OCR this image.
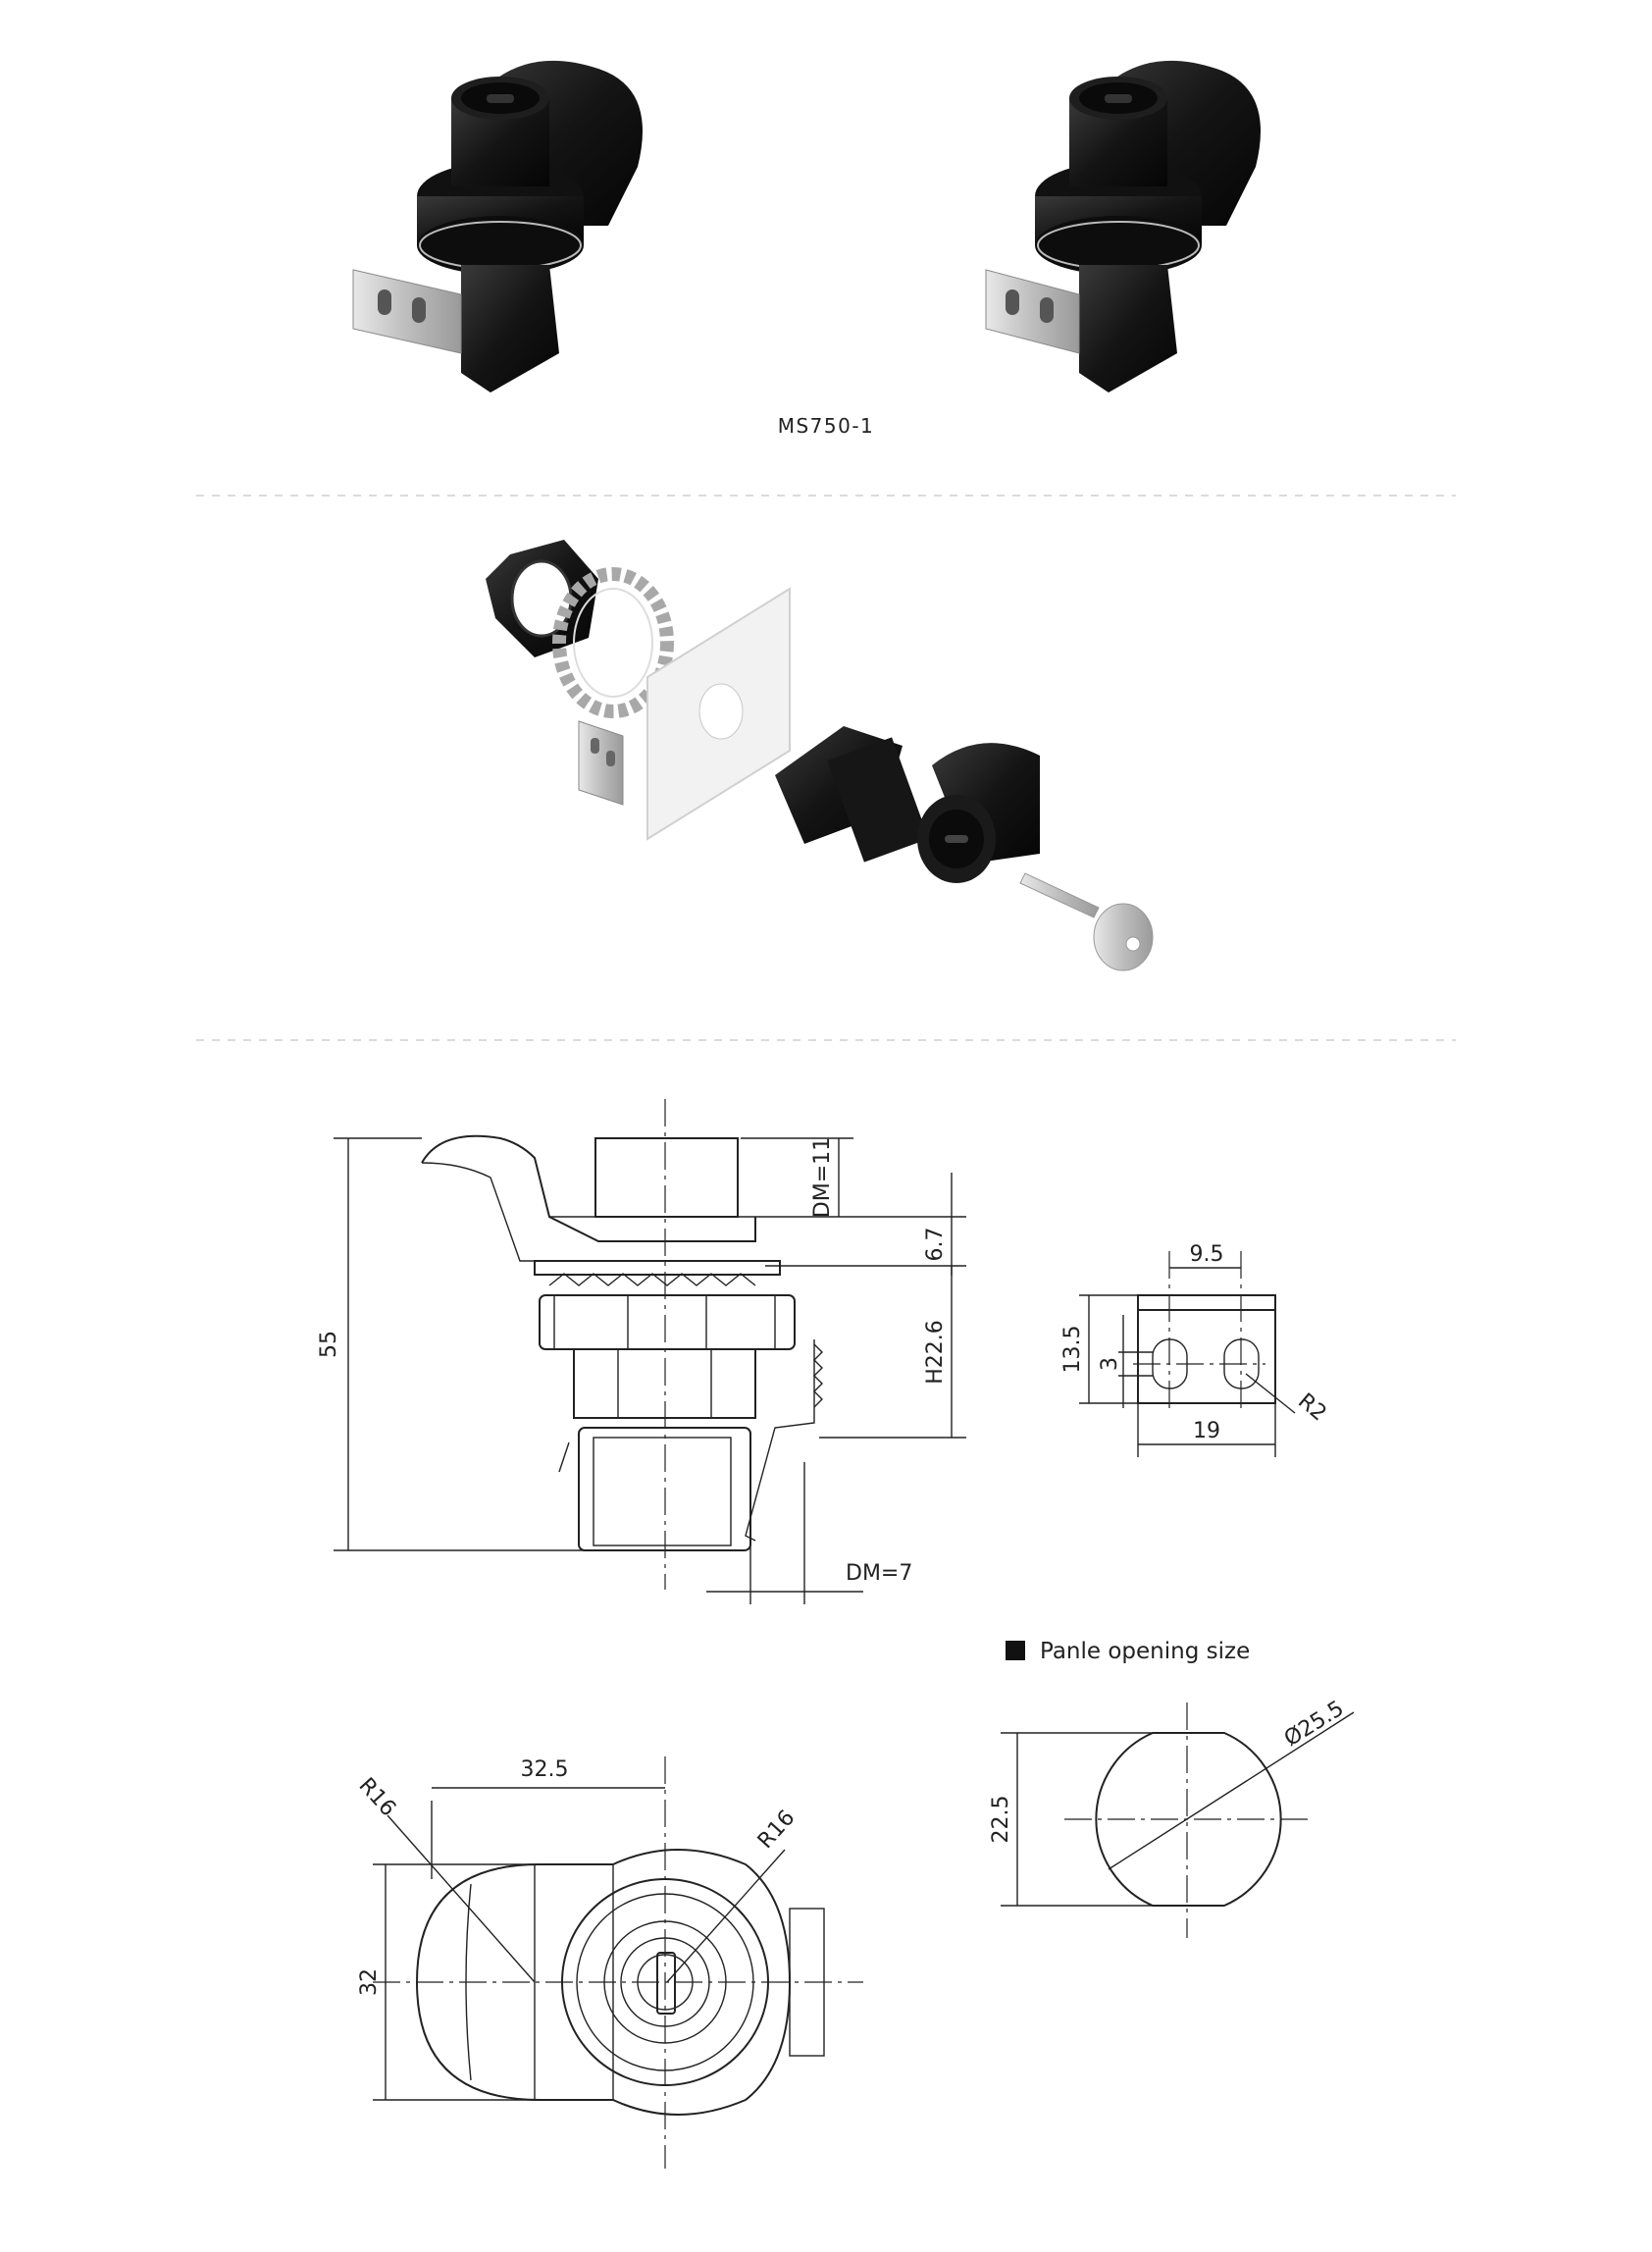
MS750-1
55
DM=11
6.7
H22.6
DM=7
9.5
13.5 3
19
R2
Panle opening size
Ø25.5
22.5
32.5
32
R16
R16
